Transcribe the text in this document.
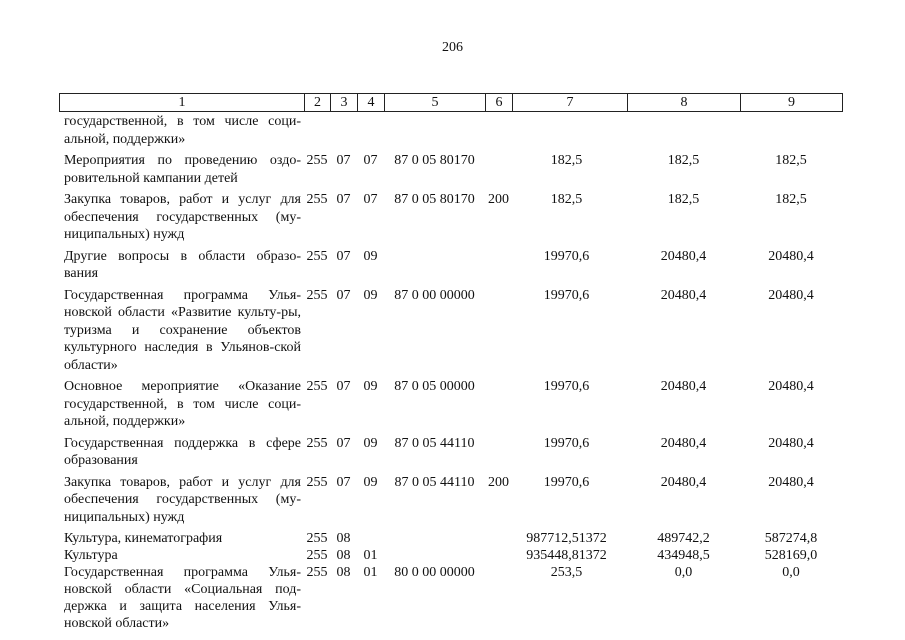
206
1	2	3	4	5	6	7	8	9
государственной, в том числе соци-альной, поддержки»								
Мероприятия по проведению оздо-ровительной кампании детей	255	07	07	87 0 05 80170		182,5	182,5	182,5
Закупка товаров, работ и услуг для обеспечения государственных (му-ниципальных) нужд	255	07	07	87 0 05 80170	200	182,5	182,5	182,5
Другие вопросы в области образо-вания	255	07	09			19970,6	20480,4	20480,4
Государственная программа Улья-новской области «Развитие культу-ры, туризма и сохранение объектов культурного наследия в Ульянов-ской области»	255	07	09	87 0 00 00000		19970,6	20480,4	20480,4
Основное мероприятие «Оказание государственной, в том числе соци-альной, поддержки»	255	07	09	87 0 05 00000		19970,6	20480,4	20480,4
Государственная поддержка в сфере образования	255	07	09	87 0 05 44110		19970,6	20480,4	20480,4
Закупка товаров, работ и услуг для обеспечения государственных (му-ниципальных) нужд	255	07	09	87 0 05 44110	200	19970,6	20480,4	20480,4
Культура, кинематография	255	08				987712,51372	489742,2	587274,8
Культура	255	08	01			935448,81372	434948,5	528169,0
Государственная программа Улья-новской области «Социальная под-держка и защита населения Улья-новской области»	255	08	01	80 0 00 00000		253,5	0,0	0,0
